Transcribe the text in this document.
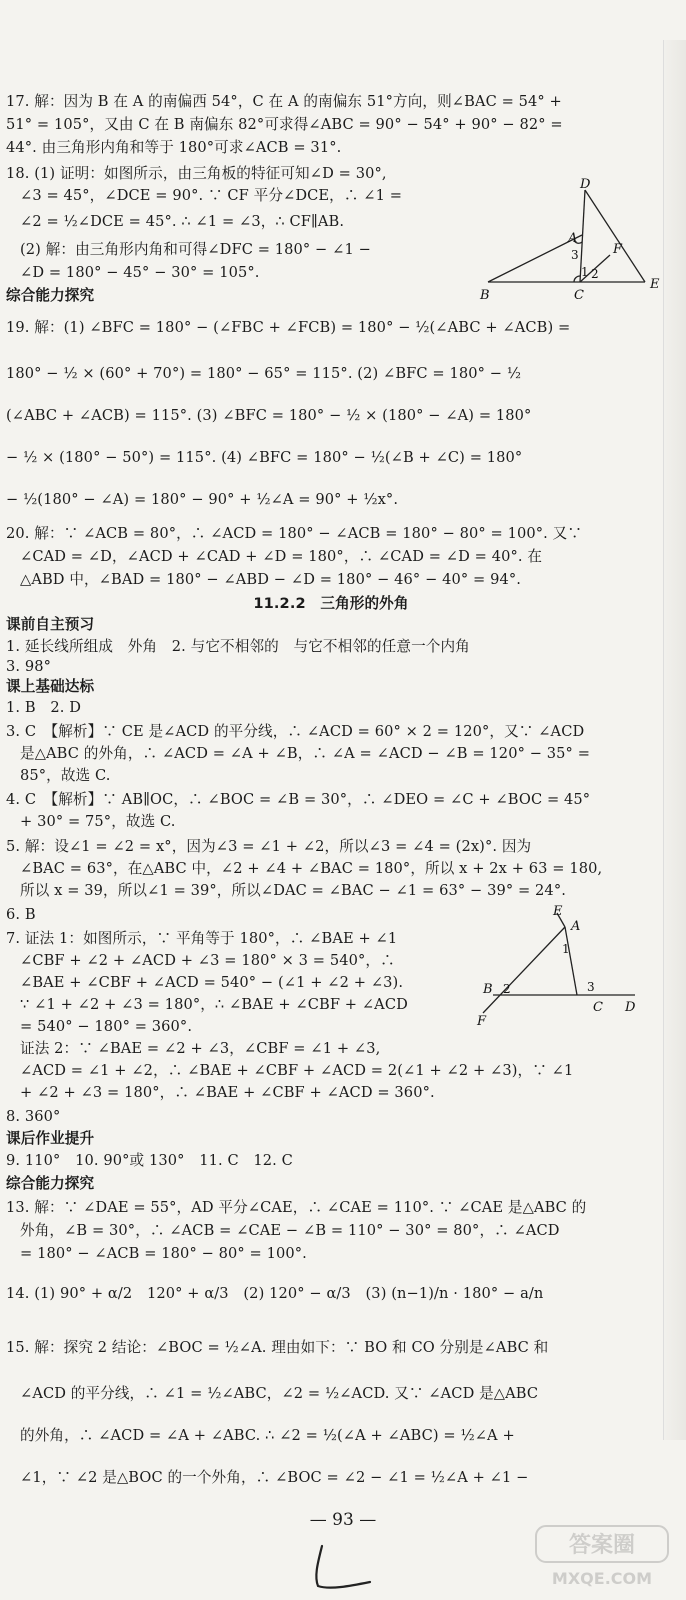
17. 解：因为 B 在 A 的南偏西 54°，C 在 A 的南偏东 51°方向，则∠BAC = 54° +
51° = 105°，又由 C 在 B 南偏东 82°可求得∠ABC = 90° − 54° + 90° − 82° =
44°. 由三角形内角和等于 180°可求∠ACB = 31°.
18. (1) 证明：如图所示，由三角板的特征可知∠D = 30°,
∠3 = 45°，∠DCE = 90°. ∵ CF 平分∠DCE，∴ ∠1 =
∠2 = ½∠DCE = 45°. ∴ ∠1 = ∠3，∴ CF∥AB.
(2) 解：由三角形内角和可得∠DFC = 180° − ∠1 −
∠D = 180° − 45° − 30° = 105°.
综合能力探究
19. 解：(1) ∠BFC = 180° − (∠FBC + ∠FCB) = 180° − ½(∠ABC + ∠ACB) =
180° − ½ × (60° + 70°) = 180° − 65° = 115°. (2) ∠BFC = 180° − ½
(∠ABC + ∠ACB) = 115°. (3) ∠BFC = 180° − ½ × (180° − ∠A) = 180°
− ½ × (180° − 50°) = 115°. (4) ∠BFC = 180° − ½(∠B + ∠C) = 180°
− ½(180° − ∠A) = 180° − 90° + ½∠A = 90° + ½x°.
20. 解：∵ ∠ACB = 80°，∴ ∠ACD = 180° − ∠ACB = 180° − 80° = 100°. 又∵
∠CAD = ∠D，∠ACD + ∠CAD + ∠D = 180°，∴ ∠CAD = ∠D = 40°. 在
△ABD 中，∠BAD = 180° − ∠ABD − ∠D = 180° − 46° − 40° = 94°.
11.2.2　三角形的外角
课前自主预习
1. 延长线所组成　外角　2. 与它不相邻的　与它不相邻的任意一个内角
3. 98°
课上基础达标
1. B　2. D
3. C　【解析】∵ CE 是∠ACD 的平分线，∴ ∠ACD = 60° × 2 = 120°，又∵ ∠ACD
是△ABC 的外角，∴ ∠ACD = ∠A + ∠B，∴ ∠A = ∠ACD − ∠B = 120° − 35° =
85°，故选 C.
4. C　【解析】∵ AB∥OC，∴ ∠BOC = ∠B = 30°，∴ ∠DEO = ∠C + ∠BOC = 45°
+ 30° = 75°，故选 C.
5. 解：设∠1 = ∠2 = x°，因为∠3 = ∠1 + ∠2，所以∠3 = ∠4 = (2x)°. 因为
∠BAC = 63°，在△ABC 中，∠2 + ∠4 + ∠BAC = 180°，所以 x + 2x + 63 = 180,
所以 x = 39，所以∠1 = 39°，所以∠DAC = ∠BAC − ∠1 = 63° − 39° = 24°.
6. B
7. 证法 1：如图所示，∵ 平角等于 180°，∴ ∠BAE + ∠1
∠CBF + ∠2 + ∠ACD + ∠3 = 180° × 3 = 540°，∴
∠BAE + ∠CBF + ∠ACD = 540° − (∠1 + ∠2 + ∠3).
∵ ∠1 + ∠2 + ∠3 = 180°，∴ ∠BAE + ∠CBF + ∠ACD
= 540° − 180° = 360°.
证法 2：∵ ∠BAE = ∠2 + ∠3，∠CBF = ∠1 + ∠3,
∠ACD = ∠1 + ∠2，∴ ∠BAE + ∠CBF + ∠ACD = 2(∠1 + ∠2 + ∠3)，∵ ∠1
+ ∠2 + ∠3 = 180°，∴ ∠BAE + ∠CBF + ∠ACD = 360°.
8. 360°
课后作业提升
9. 110°　10. 90°或 130°　11. C　12. C
综合能力探究
13. 解：∵ ∠DAE = 55°，AD 平分∠CAE，∴ ∠CAE = 110°. ∵ ∠CAE 是△ABC 的
外角，∠B = 30°，∴ ∠ACB = ∠CAE − ∠B = 110° − 30° = 80°，∴ ∠ACD
= 180° − ∠ACB = 180° − 80° = 100°.
14. (1) 90° + α/2　120° + α/3　(2) 120° − α/3　(3) (n−1)/n · 180° − a/n
15. 解：探究 2 结论：∠BOC = ½∠A. 理由如下：∵ BO 和 CO 分别是∠ABC 和
∠ACD 的平分线，∴ ∠1 = ½∠ABC，∠2 = ½∠ACD. 又∵ ∠ACD 是△ABC
的外角，∴ ∠ACD = ∠A + ∠ABC. ∴ ∠2 = ½(∠A + ∠ABC) = ½∠A +
∠1，∵ ∠2 是△BOC 的一个外角，∴ ∠BOC = ∠2 − ∠1 = ½∠A + ∠1 −
D
A
F
C
B
E
3
1 2
E
A
B
C D
F
1
2	3
— 93 —
答案圈
MXQE.COM
